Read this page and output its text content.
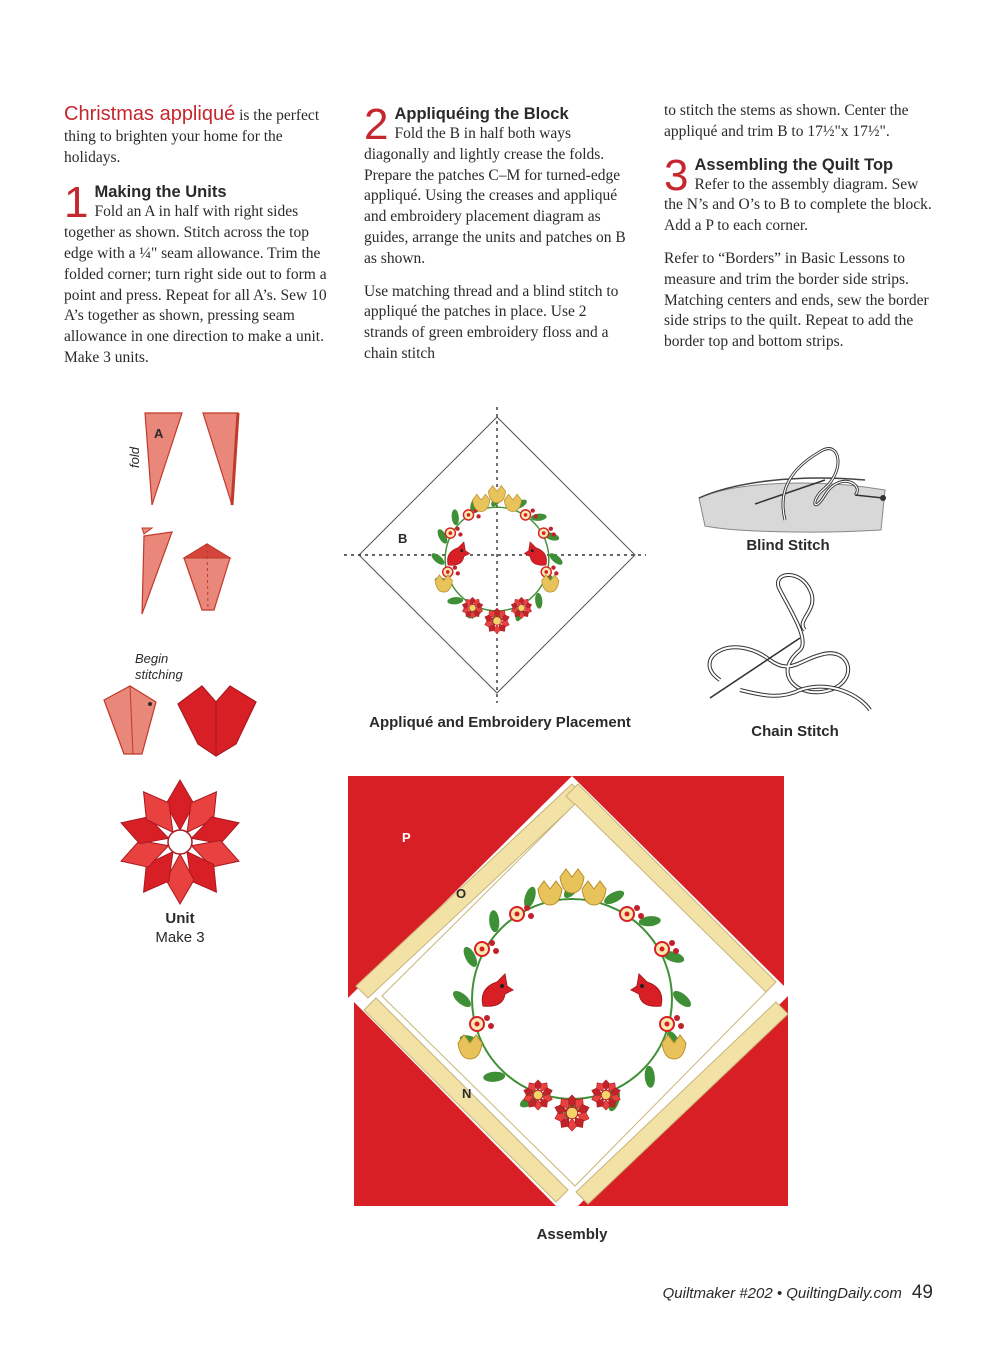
Christmas appliqué is the perfect thing to brighten your home for the holidays.

1 Making the Units
Fold an A in half with right sides together as shown. Stitch across the top edge with a ¼" seam allowance. Trim the folded corner; turn right side out to form a point and press. Repeat for all A’s. Sew 10 A’s together as shown, pressing seam allowance in one direction to make a unit. Make 3 units.
2 Appliquéing the Block
Fold the B in half both ways diagonally and lightly crease the folds. Prepare the patches C–M for turned-edge appliqué. Using the creases and appliqué and embroidery placement diagram as guides, arrange the units and patches on B as shown.

Use matching thread and a blind stitch to appliqué the patches in place. Use 2 strands of green embroidery floss and a chain stitch

to stitch the stems as shown. Center the appliqué and trim B to 17½"x 17½".

3 Assembling the Quilt Top
Refer to the assembly diagram. Sew the N’s and O’s to B to complete the block. Add a P to each corner.

Refer to “Borders” in Basic Lessons to measure and trim the border side strips. Matching centers and ends, sew the border side strips to the quilt. Repeat to add the border top and bottom strips.

A
fold
Begin stitching
Unit
Make 3
B
Appliqué and Embroidery Placement
Blind Stitch
Chain Stitch
P
O
N
Assembly
Quiltmaker #202 • QuiltingDaily.com 49
